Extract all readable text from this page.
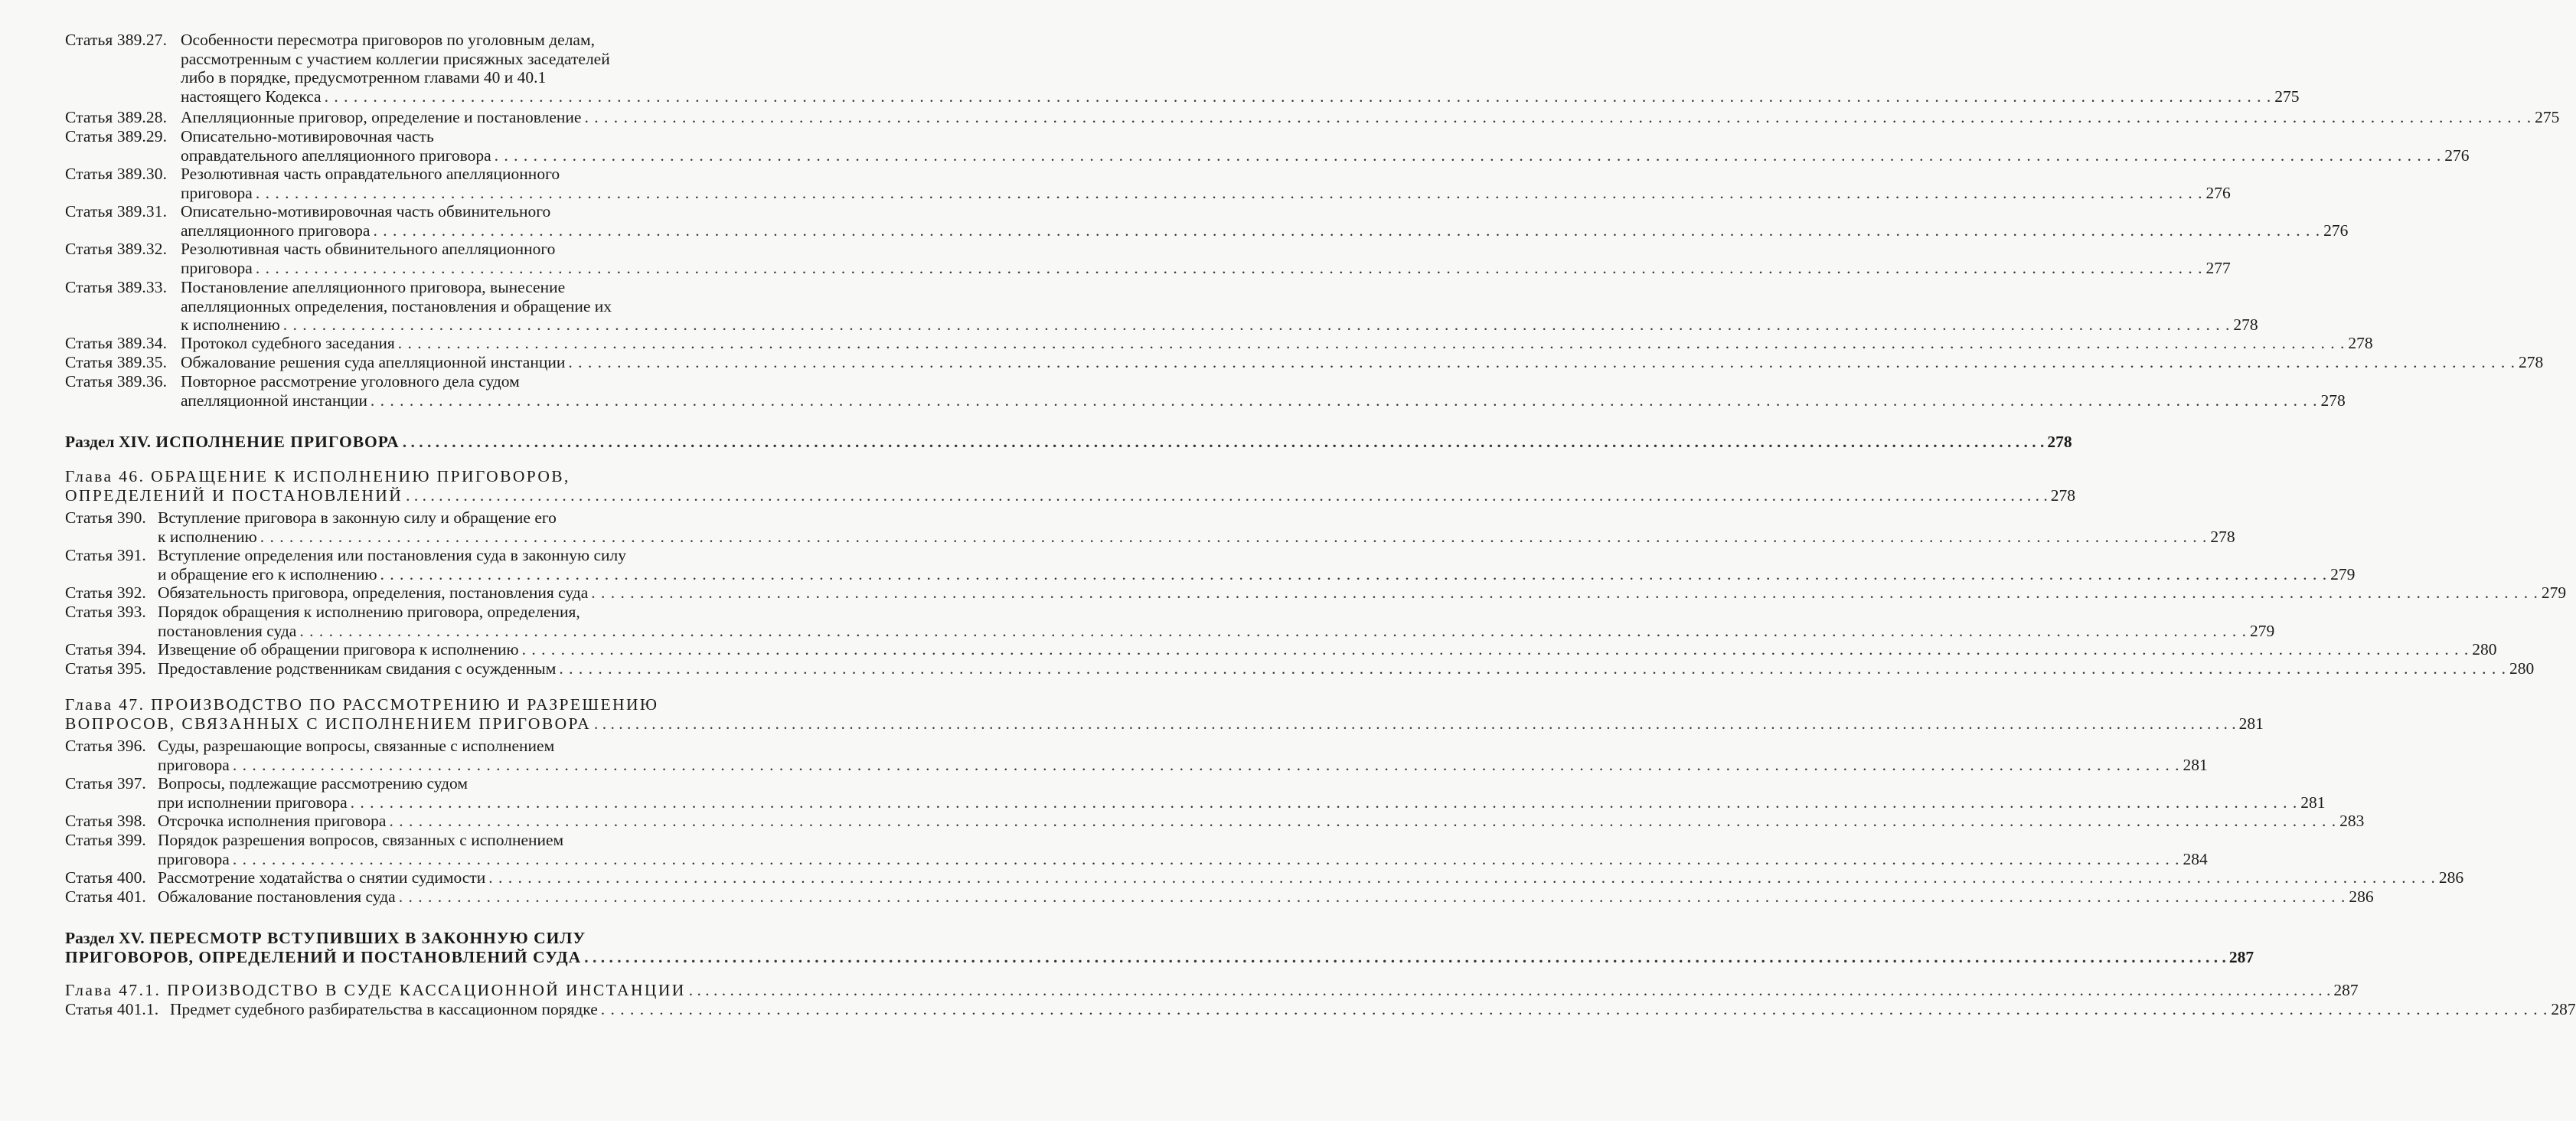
Статья 389.27. Особенности пересмотра приговоров по уголовным делам,
рассмотренным с участием коллегии присяжных заседателей
либо в порядке, предусмотренном главами 40 и 40.1
настоящего Кодекса . . . . . . . . . . . . . . . . . . . . . . . . . . . . . . . . . . . . . . . . . . . . . . . . . . . . . . . . . . . . . . . . . . . . . . . . . . . . . . . . . . . . . . . . . . . . . . . . . . . . . . . . . . . . . . . . . . . . . . . . . . . . . . . . . . . . . . . . . . . . . . . . . . . . . . . . . . . . . . . . . . . . . . . . . . . . . . . . . . . . . . . . . . . . . . . . . . . . . . . . 275
Статья 389.28. Апелляционные приговор, определение и постановление . . . . . . . . . . . . . . . . . . . . . . . . . . . . . . . . . . . . . . . . . . . . . . . . . . . . . . . . . . . . . . . . . . . . . . . . . . . . . . . . . . . . . . . . . . . . . . . . . . . . . . . . . . . . . . . . . . . . . . . . . . . . . . . . . . . . . . . . . . . . . . . . . . . . . . . . . . . . . . . . . . . . . . . . . . . . . . . . . . . . . . . . . . . . . . . . . . . . . . . . 275
Статья 389.29. Описательно-мотивировочная часть
оправдательного апелляционного приговора . . . . . . . . . . . . . . . . . . . . . . . . . . . . . . . . . . . . . . . . . . . . . . . . . . . . . . . . . . . . . . . . . . . . . . . . . . . . . . . . . . . . . . . . . . . . . . . . . . . . . . . . . . . . . . . . . . . . . . . . . . . . . . . . . . . . . . . . . . . . . . . . . . . . . . . . . . . . . . . . . . . . . . . . . . . . . . . . . . . . . . . . . . . . . . . . . . . . . . . . 276
Статья 389.30. Резолютивная часть оправдательного апелляционного
приговора . . . . . . . . . . . . . . . . . . . . . . . . . . . . . . . . . . . . . . . . . . . . . . . . . . . . . . . . . . . . . . . . . . . . . . . . . . . . . . . . . . . . . . . . . . . . . . . . . . . . . . . . . . . . . . . . . . . . . . . . . . . . . . . . . . . . . . . . . . . . . . . . . . . . . . . . . . . . . . . . . . . . . . . . . . . . . . . . . . . . . . . . . . . . . . . . . . . . . . . . 276
Статья 389.31. Описательно-мотивировочная часть обвинительного
апелляционного приговора . . . . . . . . . . . . . . . . . . . . . . . . . . . . . . . . . . . . . . . . . . . . . . . . . . . . . . . . . . . . . . . . . . . . . . . . . . . . . . . . . . . . . . . . . . . . . . . . . . . . . . . . . . . . . . . . . . . . . . . . . . . . . . . . . . . . . . . . . . . . . . . . . . . . . . . . . . . . . . . . . . . . . . . . . . . . . . . . . . . . . . . . . . . . . . . . . . . . . . . . 276
Статья 389.32. Резолютивная часть обвинительного апелляционного
приговора . . . . . . . . . . . . . . . . . . . . . . . . . . . . . . . . . . . . . . . . . . . . . . . . . . . . . . . . . . . . . . . . . . . . . . . . . . . . . . . . . . . . . . . . . . . . . . . . . . . . . . . . . . . . . . . . . . . . . . . . . . . . . . . . . . . . . . . . . . . . . . . . . . . . . . . . . . . . . . . . . . . . . . . . . . . . . . . . . . . . . . . . . . . . . . . . . . . . . . . . 277
Статья 389.33. Постановление апелляционного приговора, вынесение
апелляционных определения, постановления и обращение их
к исполнению . . . . . . . . . . . . . . . . . . . . . . . . . . . . . . . . . . . . . . . . . . . . . . . . . . . . . . . . . . . . . . . . . . . . . . . . . . . . . . . . . . . . . . . . . . . . . . . . . . . . . . . . . . . . . . . . . . . . . . . . . . . . . . . . . . . . . . . . . . . . . . . . . . . . . . . . . . . . . . . . . . . . . . . . . . . . . . . . . . . . . . . . . . . . . . . . . . . . . . . . 278
Статья 389.34. Протокол судебного заседания . . . . . . . . . . . . . . . . . . . . . . . . . . . . . . . . . . . . . . . . . . . . . . . . . . . . . . . . . . . . . . . . . . . . . . . . . . . . . . . . . . . . . . . . . . . . . . . . . . . . . . . . . . . . . . . . . . . . . . . . . . . . . . . . . . . . . . . . . . . . . . . . . . . . . . . . . . . . . . . . . . . . . . . . . . . . . . . . . . . . . . . . . . . . . . . . . . . . . . . . 278
Статья 389.35. Обжалование решения суда апелляционной инстанции . . . . . . . . . . . . . . . . . . . . . . . . . . . . . . . . . . . . . . . . . . . . . . . . . . . . . . . . . . . . . . . . . . . . . . . . . . . . . . . . . . . . . . . . . . . . . . . . . . . . . . . . . . . . . . . . . . . . . . . . . . . . . . . . . . . . . . . . . . . . . . . . . . . . . . . . . . . . . . . . . . . . . . . . . . . . . . . . . . . . . . . . . . . . . . . . . . . . . . . . 278
Статья 389.36. Повторное рассмотрение уголовного дела судом
апелляционной инстанции . . . . . . . . . . . . . . . . . . . . . . . . . . . . . . . . . . . . . . . . . . . . . . . . . . . . . . . . . . . . . . . . . . . . . . . . . . . . . . . . . . . . . . . . . . . . . . . . . . . . . . . . . . . . . . . . . . . . . . . . . . . . . . . . . . . . . . . . . . . . . . . . . . . . . . . . . . . . . . . . . . . . . . . . . . . . . . . . . . . . . . . . . . . . . . . . . . . . . . . . 278
Раздел XIV. ИСПОЛНЕНИЕ ПРИГОВОРА . . . . . . . . . . . . . . . . . . . . . . . . . . . . . . . . . . . . . . . . . . . . . . . . . . . . . . . . . . . . . . . . . . . . . . . . . . . . . . . . . . . . . . . . . . . . . . . . . . . . . . . . . . . . . . . . . . . . . . . . . . . . . . . . . . . . . . . . . . . . . . . . . . . . . . . . . . . . . . . . . . . . . . . . . . . . . . . . . . . . . . . . . . . . . . . . . . . . . . . . 278
Глава 46. ОБРАЩЕНИЕ К ИСПОЛНЕНИЮ ПРИГОВОРОВ,
ОПРЕДЕЛЕНИЙ И ПОСТАНОВЛЕНИЙ . . . . . . . . . . . . . . . . . . . . . . . . . . . . . . . . . . . . . . . . . . . . . . . . . . . . . . . . . . . . . . . . . . . . . . . . . . . . . . . . . . . . . . . . . . . . . . . . . . . . . . . . . . . . . . . . . . . . . . . . . . . . . . . . . . . . . . . . . . . . . . . . . . . . . . . . . . . . . . . . . . . . . . . . . . . . . . . . . . . . . . . . . . . . . . . . . . . . . . . . 278
Статья 390. Вступление приговора в законную силу и обращение его
к исполнению . . . . . . . . . . . . . . . . . . . . . . . . . . . . . . . . . . . . . . . . . . . . . . . . . . . . . . . . . . . . . . . . . . . . . . . . . . . . . . . . . . . . . . . . . . . . . . . . . . . . . . . . . . . . . . . . . . . . . . . . . . . . . . . . . . . . . . . . . . . . . . . . . . . . . . . . . . . . . . . . . . . . . . . . . . . . . . . . . . . . . . . . . . . . . . . . . . . . . . . . 278
Статья 391. Вступление определения или постановления суда в законную силу
и обращение его к исполнению . . . . . . . . . . . . . . . . . . . . . . . . . . . . . . . . . . . . . . . . . . . . . . . . . . . . . . . . . . . . . . . . . . . . . . . . . . . . . . . . . . . . . . . . . . . . . . . . . . . . . . . . . . . . . . . . . . . . . . . . . . . . . . . . . . . . . . . . . . . . . . . . . . . . . . . . . . . . . . . . . . . . . . . . . . . . . . . . . . . . . . . . . . . . . . . . . . . . . . . . 279
Статья 392. Обязательность приговора, определения, постановления суда . . . . . . . . . . . . . . . . . . . . . . . . . . . . . . . . . . . . . . . . . . . . . . . . . . . . . . . . . . . . . . . . . . . . . . . . . . . . . . . . . . . . . . . . . . . . . . . . . . . . . . . . . . . . . . . . . . . . . . . . . . . . . . . . . . . . . . . . . . . . . . . . . . . . . . . . . . . . . . . . . . . . . . . . . . . . . . . . . . . . . . . . . . . . . . . . . . . . . . . . 279
Статья 393. Порядок обращения к исполнению приговора, определения,
постановления суда . . . . . . . . . . . . . . . . . . . . . . . . . . . . . . . . . . . . . . . . . . . . . . . . . . . . . . . . . . . . . . . . . . . . . . . . . . . . . . . . . . . . . . . . . . . . . . . . . . . . . . . . . . . . . . . . . . . . . . . . . . . . . . . . . . . . . . . . . . . . . . . . . . . . . . . . . . . . . . . . . . . . . . . . . . . . . . . . . . . . . . . . . . . . . . . . . . . . . . . . 279
Статья 394. Извещение об обращении приговора к исполнению . . . . . . . . . . . . . . . . . . . . . . . . . . . . . . . . . . . . . . . . . . . . . . . . . . . . . . . . . . . . . . . . . . . . . . . . . . . . . . . . . . . . . . . . . . . . . . . . . . . . . . . . . . . . . . . . . . . . . . . . . . . . . . . . . . . . . . . . . . . . . . . . . . . . . . . . . . . . . . . . . . . . . . . . . . . . . . . . . . . . . . . . . . . . . . . . . . . . . . . . 280
Статья 395. Предоставление родственникам свидания с осужденным . . . . . . . . . . . . . . . . . . . . . . . . . . . . . . . . . . . . . . . . . . . . . . . . . . . . . . . . . . . . . . . . . . . . . . . . . . . . . . . . . . . . . . . . . . . . . . . . . . . . . . . . . . . . . . . . . . . . . . . . . . . . . . . . . . . . . . . . . . . . . . . . . . . . . . . . . . . . . . . . . . . . . . . . . . . . . . . . . . . . . . . . . . . . . . . . . . . . . . . . 280
Глава 47. ПРОИЗВОДСТВО ПО РАССМОТРЕНИЮ И РАЗРЕШЕНИЮ
ВОПРОСОВ, СВЯЗАННЫХ С ИСПОЛНЕНИЕМ ПРИГОВОРА . . . . . . . . . . . . . . . . . . . . . . . . . . . . . . . . . . . . . . . . . . . . . . . . . . . . . . . . . . . . . . . . . . . . . . . . . . . . . . . . . . . . . . . . . . . . . . . . . . . . . . . . . . . . . . . . . . . . . . . . . . . . . . . . . . . . . . . . . . . . . . . . . . . . . . . . . . . . . . . . . . . . . . . . . . . . . . . . . . . . . . . . . . . . . . . . . . . . . . . . 281
Статья 396. Суды, разрешающие вопросы, связанные с исполнением
приговора . . . . . . . . . . . . . . . . . . . . . . . . . . . . . . . . . . . . . . . . . . . . . . . . . . . . . . . . . . . . . . . . . . . . . . . . . . . . . . . . . . . . . . . . . . . . . . . . . . . . . . . . . . . . . . . . . . . . . . . . . . . . . . . . . . . . . . . . . . . . . . . . . . . . . . . . . . . . . . . . . . . . . . . . . . . . . . . . . . . . . . . . . . . . . . . . . . . . . . . . 281
Статья 397. Вопросы, подлежащие рассмотрению судом
при исполнении приговора . . . . . . . . . . . . . . . . . . . . . . . . . . . . . . . . . . . . . . . . . . . . . . . . . . . . . . . . . . . . . . . . . . . . . . . . . . . . . . . . . . . . . . . . . . . . . . . . . . . . . . . . . . . . . . . . . . . . . . . . . . . . . . . . . . . . . . . . . . . . . . . . . . . . . . . . . . . . . . . . . . . . . . . . . . . . . . . . . . . . . . . . . . . . . . . . . . . . . . . . 281
Статья 398. Отсрочка исполнения приговора . . . . . . . . . . . . . . . . . . . . . . . . . . . . . . . . . . . . . . . . . . . . . . . . . . . . . . . . . . . . . . . . . . . . . . . . . . . . . . . . . . . . . . . . . . . . . . . . . . . . . . . . . . . . . . . . . . . . . . . . . . . . . . . . . . . . . . . . . . . . . . . . . . . . . . . . . . . . . . . . . . . . . . . . . . . . . . . . . . . . . . . . . . . . . . . . . . . . . . . . 283
Статья 399. Порядок разрешения вопросов, связанных с исполнением
приговора . . . . . . . . . . . . . . . . . . . . . . . . . . . . . . . . . . . . . . . . . . . . . . . . . . . . . . . . . . . . . . . . . . . . . . . . . . . . . . . . . . . . . . . . . . . . . . . . . . . . . . . . . . . . . . . . . . . . . . . . . . . . . . . . . . . . . . . . . . . . . . . . . . . . . . . . . . . . . . . . . . . . . . . . . . . . . . . . . . . . . . . . . . . . . . . . . . . . . . . . 284
Статья 400. Рассмотрение ходатайства о снятии судимости . . . . . . . . . . . . . . . . . . . . . . . . . . . . . . . . . . . . . . . . . . . . . . . . . . . . . . . . . . . . . . . . . . . . . . . . . . . . . . . . . . . . . . . . . . . . . . . . . . . . . . . . . . . . . . . . . . . . . . . . . . . . . . . . . . . . . . . . . . . . . . . . . . . . . . . . . . . . . . . . . . . . . . . . . . . . . . . . . . . . . . . . . . . . . . . . . . . . . . . . 286
Статья 401. Обжалование постановления суда . . . . . . . . . . . . . . . . . . . . . . . . . . . . . . . . . . . . . . . . . . . . . . . . . . . . . . . . . . . . . . . . . . . . . . . . . . . . . . . . . . . . . . . . . . . . . . . . . . . . . . . . . . . . . . . . . . . . . . . . . . . . . . . . . . . . . . . . . . . . . . . . . . . . . . . . . . . . . . . . . . . . . . . . . . . . . . . . . . . . . . . . . . . . . . . . . . . . . . . . 286
Раздел XV. ПЕРЕСМОТР ВСТУПИВШИХ В ЗАКОННУЮ СИЛУ
ПРИГОВОРОВ, ОПРЕДЕЛЕНИЙ И ПОСТАНОВЛЕНИЙ СУДА . . . . . . . . . . . . . . . . . . . . . . . . . . . . . . . . . . . . . . . . . . . . . . . . . . . . . . . . . . . . . . . . . . . . . . . . . . . . . . . . . . . . . . . . . . . . . . . . . . . . . . . . . . . . . . . . . . . . . . . . . . . . . . . . . . . . . . . . . . . . . . . . . . . . . . . . . . . . . . . . . . . . . . . . . . . . . . . . . . . . . . . . . . . . . . . . . . . . . . . . 287
Глава 47.1. ПРОИЗВОДСТВО В СУДЕ КАССАЦИОННОЙ ИНСТАНЦИИ . . . . . . . . . . . . . . . . . . . . . . . . . . . . . . . . . . . . . . . . . . . . . . . . . . . . . . . . . . . . . . . . . . . . . . . . . . . . . . . . . . . . . . . . . . . . . . . . . . . . . . . . . . . . . . . . . . . . . . . . . . . . . . . . . . . . . . . . . . . . . . . . . . . . . . . . . . . . . . . . . . . . . . . . . . . . . . . . . . . . . . . . . . . . . . . . . . . . . . . . 287
Статья 401.1. Предмет судебного разбирательства в кассационном порядке . . . . . . . . . . . . . . . . . . . . . . . . . . . . . . . . . . . . . . . . . . . . . . . . . . . . . . . . . . . . . . . . . . . . . . . . . . . . . . . . . . . . . . . . . . . . . . . . . . . . . . . . . . . . . . . . . . . . . . . . . . . . . . . . . . . . . . . . . . . . . . . . . . . . . . . . . . . . . . . . . . . . . . . . . . . . . . . . . . . . . . . . . . . . . . . . . . . . . . . . 287
